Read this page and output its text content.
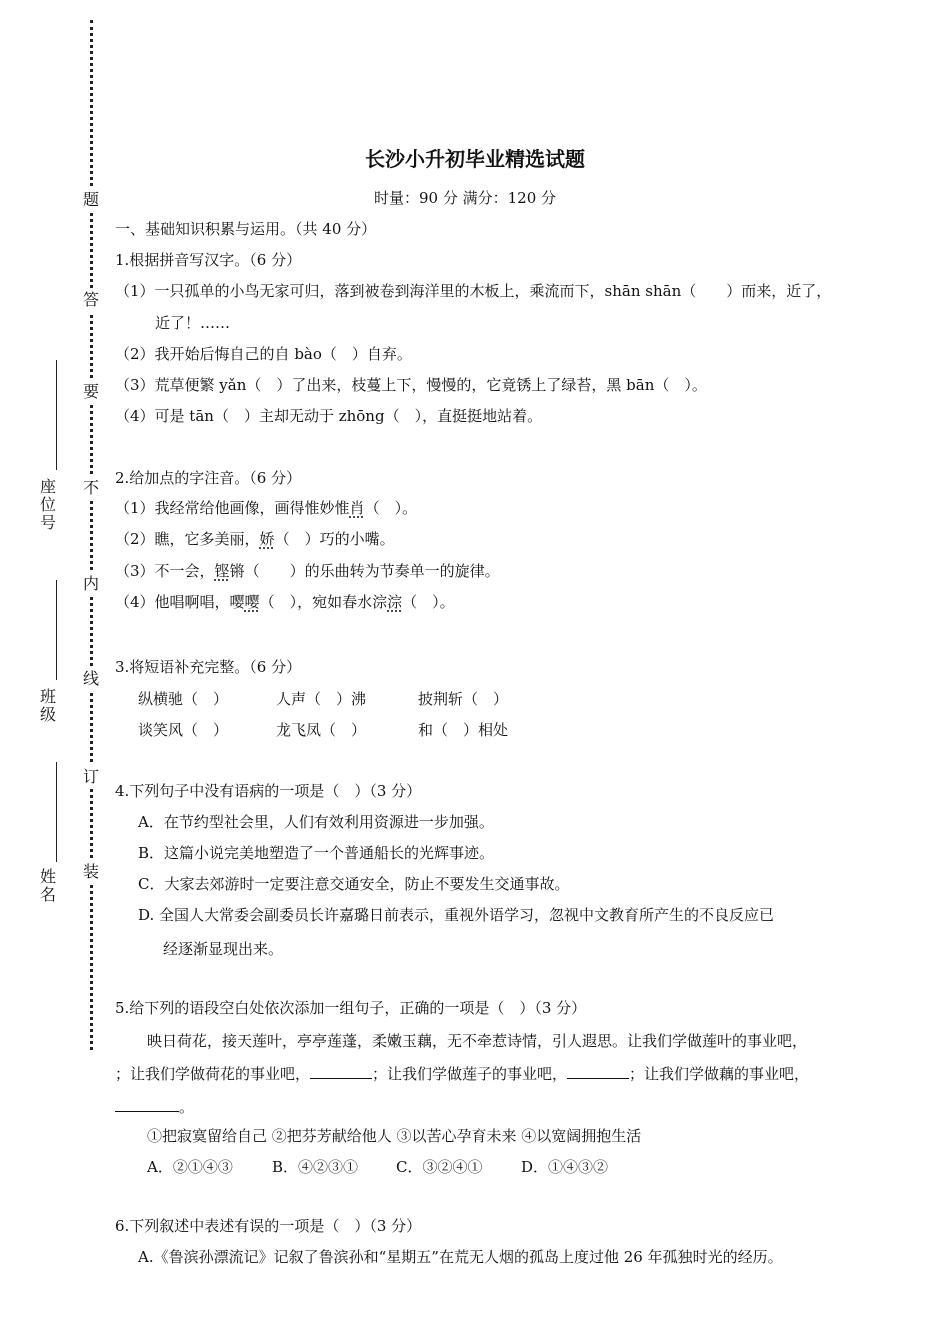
题
答
要
不
内
线
订
装
座位号
班级
姓名
长沙小升初毕业精选试题
时量：90 分 满分：120 分
一、基础知识积累与运用。（共 40 分）
1.根据拼音写汉字。（6 分）
（1）一只孤单的小鸟无家可归，落到被卷到海洋里的木板上，乘流而下，shān shān（　　）而来，近了，
近了！……
（2）我开始后悔自己的自 bào（　）自弃。
（3）荒草便繁 yǎn（　）了出来，枝蔓上下，慢慢的，它竟锈上了绿苔，黑 bān（　）。
（4）可是 tān（　）主却无动于 zhōng（　），直挺挺地站着。
2.给加点的字注音。（6 分）
（1）我经常给他画像，画得惟妙惟肖（　）。
（2）瞧，它多美丽，娇（　）巧的小嘴。
（3）不一会，铿锵（　　）的乐曲转为节奏单一的旋律。
（4）他唱啊唱，嘤嘤（　），宛如春水淙淙（　）。
3.将短语补充完整。（6 分）
纵横驰（　）	人声（　）沸	披荆斩（　）
谈笑风（　）	龙飞凤（　）	和（　）相处
4.下列句子中没有语病的一项是（　）（3 分）
A．在节约型社会里，人们有效利用资源进一步加强。
B．这篇小说完美地塑造了一个普通船长的光辉事迹。
C．大家去郊游时一定要注意交通安全，防止不要发生交通事故。
D. 全国人大常委会副委员长许嘉璐日前表示，重视外语学习，忽视中文教育所产生的不良反应已
经逐渐显现出来。
5.给下列的语段空白处依次添加一组句子，正确的一项是（　）（3 分）
映日荷花，接天莲叶，亭亭莲蓬，柔嫩玉藕，无不牵惹诗情，引人遐思。让我们学做莲叶的事业吧，
；让我们学做荷花的事业吧，	；让我们学做莲子的事业吧，	；让我们学做藕的事业吧，
。
①把寂寞留给自己 ②把芬芳献给他人 ③以苦心孕育未来 ④以宽阔拥抱生活
A．②①④③	B．④②③①	C．③②④①	D．①④③②
6.下列叙述中表述有误的一项是（　）（3 分）
A.《鲁滨孙漂流记》记叙了鲁滨孙和“星期五”在荒无人烟的孤岛上度过他 26 年孤独时光的经历。
